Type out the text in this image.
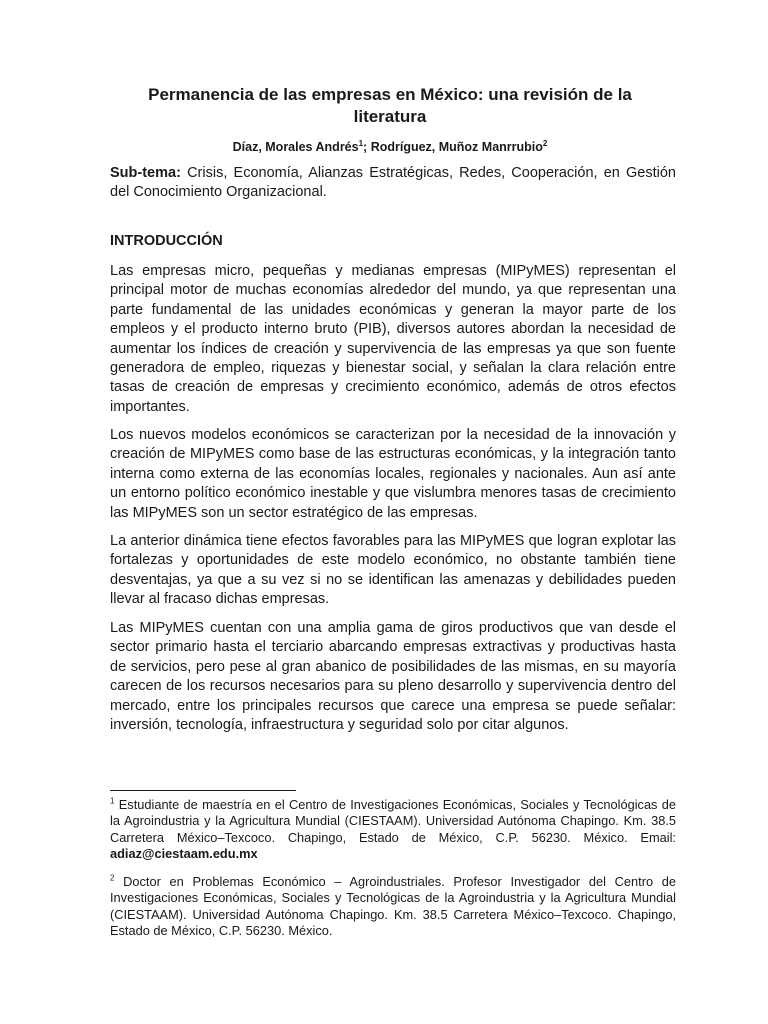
Permanencia de las empresas en México: una revisión de la literatura
Díaz, Morales Andrés$^1$; Rodríguez, Muñoz Manrrubio$^2$

Sub-tema: Crisis, Economía, Alianzas Estratégicas, Redes, Cooperación, en Gestión del Conocimiento Organizacional.

INTRODUCCIÓN

Las empresas micro, pequeñas y medianas empresas (MIPyMES) representan el principal motor de muchas economías alrededor del mundo, ya que representan una parte fundamental de las unidades económicas y generan la mayor parte de los empleos y el producto interno bruto (PIB), diversos autores abordan la necesidad de aumentar los índices de creación y supervivencia de las empresas ya que son fuente generadora de empleo, riquezas y bienestar social, y señalan la clara relación entre tasas de creación de empresas y crecimiento económico, además de otros efectos importantes.

Los nuevos modelos económicos se caracterizan por la necesidad de la innovación y creación de MIPyMES como base de las estructuras económicas, y la integración tanto interna como externa de las economías locales, regionales y nacionales. Aun así ante un entorno político económico inestable y que vislumbra menores tasas de crecimiento las MIPyMES son un sector estratégico de las empresas.

La anterior dinámica tiene efectos favorables para las MIPyMES que logran explotar las fortalezas y oportunidades de este modelo económico, no obstante también tiene desventajas, ya que a su vez si no se identifican las amenazas y debilidades pueden llevar al fracaso dichas empresas.

Las MIPyMES cuentan con una amplia gama de giros productivos que van desde el sector primario hasta el terciario abarcando empresas extractivas y productivas hasta de servicios, pero pese al gran abanico de posibilidades de las mismas, en su mayoría carecen de los recursos necesarios para su pleno desarrollo y supervivencia dentro del mercado, entre los principales recursos que carece una empresa se puede señalar: inversión, tecnología, infraestructura y seguridad solo por citar algunos.

$^1$ Estudiante de maestría en el Centro de Investigaciones Económicas, Sociales y Tecnológicas de la Agroindustria y la Agricultura Mundial (CIESTAAM). Universidad Autónoma Chapingo. Km. 38.5 Carretera México–Texcoco. Chapingo, Estado de México, C.P. 56230. México. Email: adiaz@ciestaam.edu.mx

$^2$ Doctor en Problemas Económico – Agroindustriales. Profesor Investigador del Centro de Investigaciones Económicas, Sociales y Tecnológicas de la Agroindustria y la Agricultura Mundial (CIESTAAM). Universidad Autónoma Chapingo. Km. 38.5 Carretera México–Texcoco. Chapingo, Estado de México, C.P. 56230. México.
